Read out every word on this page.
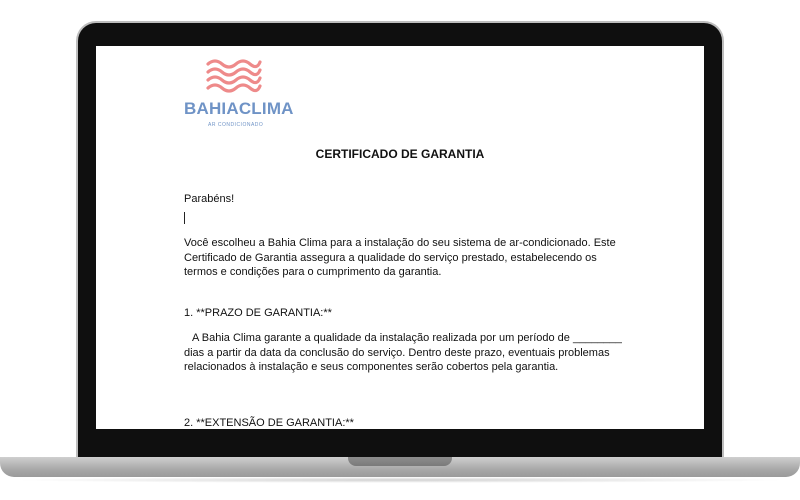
BAHIACLIMA
AR CONDICIONADO
CERTIFICADO DE GARANTIA
Parabéns!
Você escolheu a Bahia Clima para a instalação do seu sistema de ar-condicionado. Este Certificado de Garantia assegura a qualidade do serviço prestado, estabelecendo os termos e condições para o cumprimento da garantia.
1. **PRAZO DE GARANTIA:**
A Bahia Clima garante a qualidade da instalação realizada por um período de ________ dias a partir da data da conclusão do serviço. Dentro deste prazo, eventuais problemas relacionados à instalação e seus componentes serão cobertos pela garantia.
2. **EXTENSÃO DE GARANTIA:**
